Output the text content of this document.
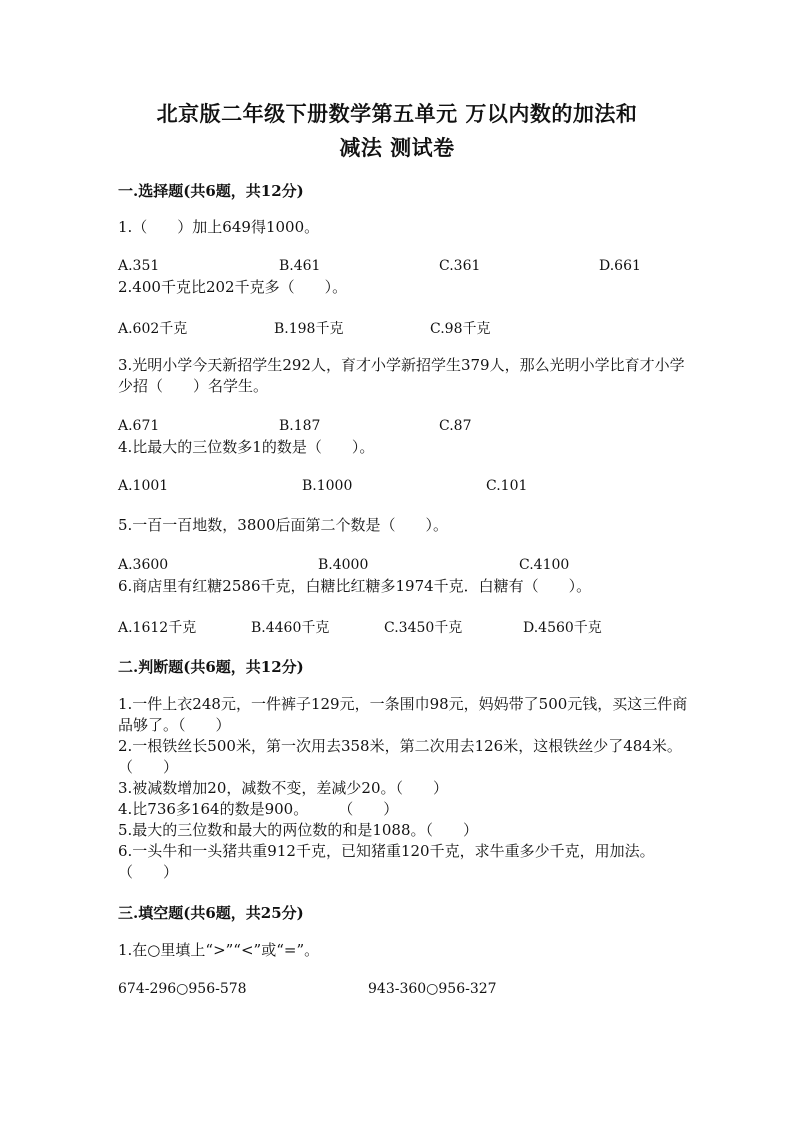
北京版二年级下册数学第五单元 万以内数的加法和
减法 测试卷
一.选择题(共6题，共12分)
1.（　　）加上649得1000。
A.351	B.461	C.361	D.661
2.400千克比202千克多（　　）。
A.602千克	B.198千克	C.98千克
3.光明小学今天新招学生292人，育才小学新招学生379人，那么光明小学比育才小学少招（　　）名学生。
A.671	B.187	C.87
4.比最大的三位数多1的数是（　　）。
A.1001	B.1000	C.101
5.一百一百地数，3800后面第二个数是（　　）。
A.3600	B.4000	C.4100
6.商店里有红糖2586千克，白糖比红糖多1974千克．白糖有（　　）。
A.1612千克	B.4460千克	C.3450千克	D.4560千克
二.判断题(共6题，共12分)
1.一件上衣248元，一件裤子129元，一条围巾98元，妈妈带了500元钱，买这三件商品够了。（　　）
2.一根铁丝长500米，第一次用去358米，第二次用去126米，这根铁丝少了484米。（　　）
3.被减数增加20，减数不变，差减少20。（　　）
4.比736多164的数是900。　　　（　　）
5.最大的三位数和最大的两位数的和是1088。（　　）
6.一头牛和一头猪共重912千克，已知猪重120千克，求牛重多少千克，用加法。（　　）
三.填空题(共6题，共25分)
1.在○里填上“>”“<”或“=”。
674-296○956-578	943-360○956-327
